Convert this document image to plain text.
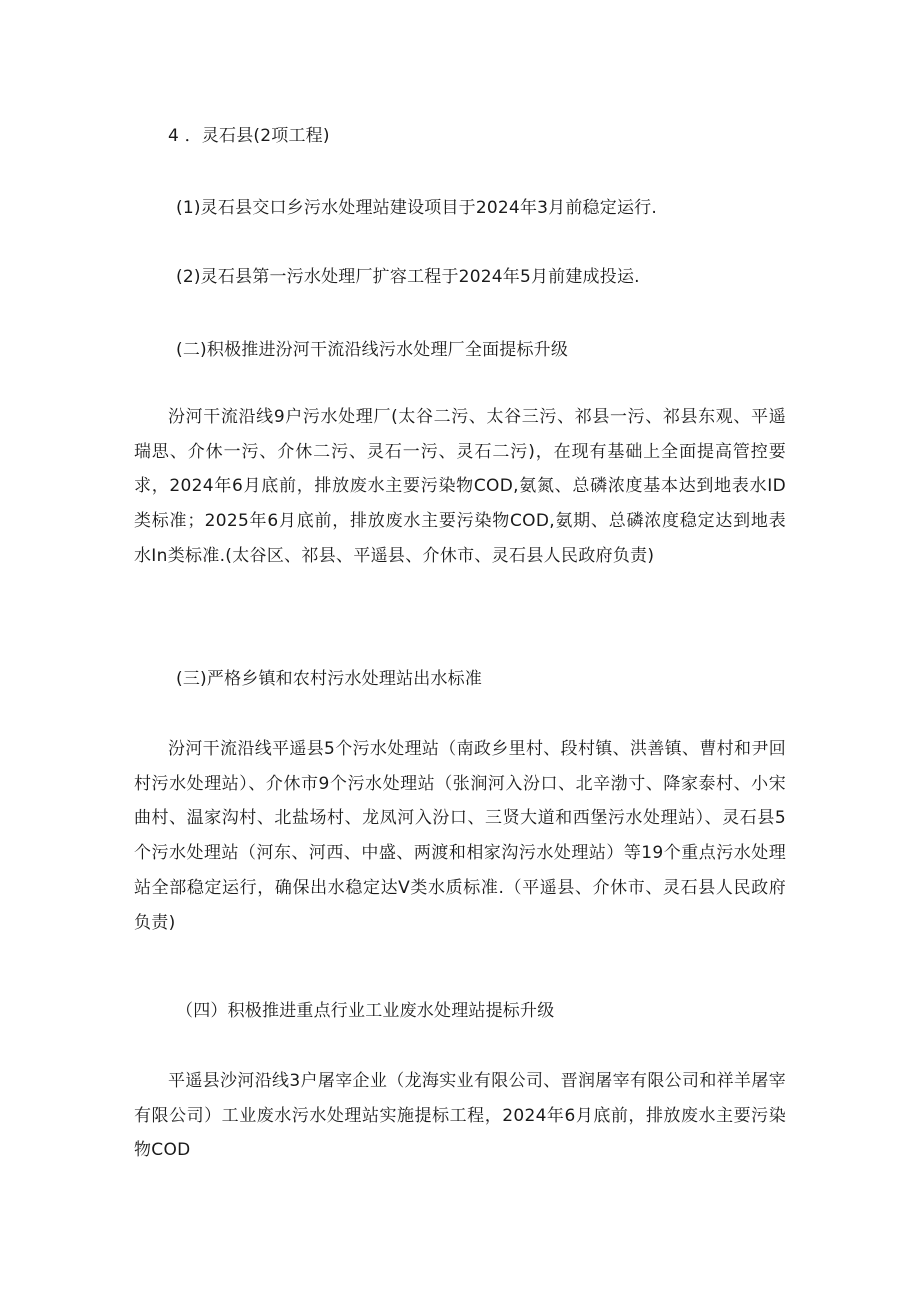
4 ．灵石县(2项工程)
(1)灵石县交口乡污水处理站建设项目于2024年3月前稳定运行.
(2)灵石县第一污水处理厂扩容工程于2024年5月前建成投运.
(二)积极推进汾河干流沿线污水处理厂全面提标升级

汾河干流沿线9户污水处理厂(太谷二污、太谷三污、祁县一污、祁县东观、平遥瑞思、介休一污、介休二污、灵石一污、灵石二污)，在现有基础上全面提高管控要求，2024年6月底前，排放废水主要污染物COD,氨氮、总磷浓度基本达到地表水ID类标准；2025年6月底前，排放废水主要污染物COD,氨期、总磷浓度稳定达到地表水In类标准.(太谷区、祁县、平遥县、介休市、灵石县人民政府负责)

(三)严格乡镇和农村污水处理站出水标准

汾河干流沿线平遥县5个污水处理站（南政乡里村、段村镇、洪善镇、曹村和尹回村污水处理站）、介休市9个污水处理站（张涧河入汾口、北辛渤寸、降家泰村、小宋曲村、温家沟村、北盐场村、龙凤河入汾口、三贤大道和西堡污水处理站）、灵石县5个污水处理站（河东、河西、中盛、两渡和相家沟污水处理站）等19个重点污水处理站全部稳定运行，确保出水稳定达V类水质标准.（平遥县、介休市、灵石县人民政府负责)

（四）积极推进重点行业工业废水处理站提标升级

平遥县沙河沿线3户屠宰企业（龙海实业有限公司、晋润屠宰有限公司和祥羊屠宰有限公司）工业废水污水处理站实施提标工程，2024年6月底前，排放废水主要污染物COD
